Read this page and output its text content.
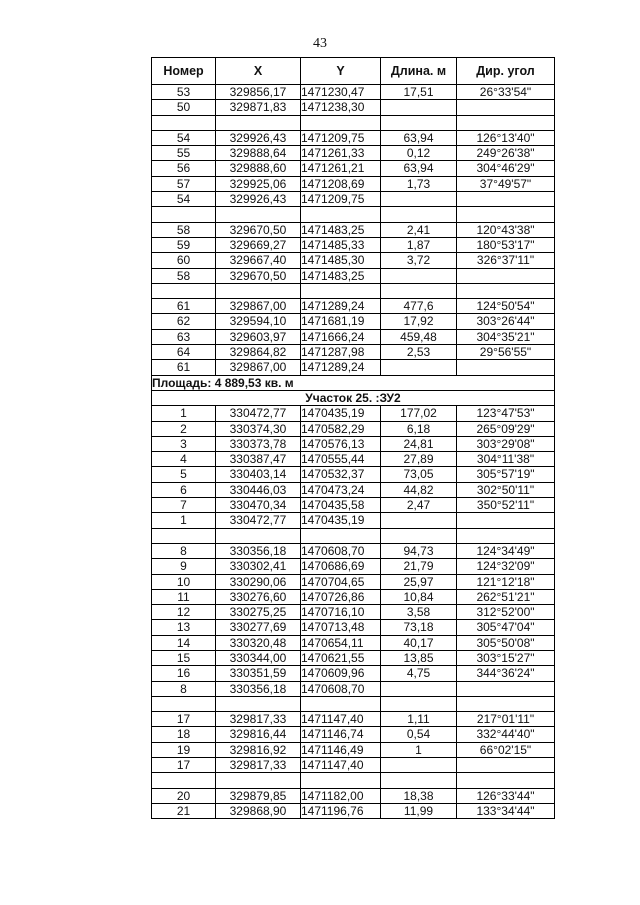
43
Номер	X	Y	Длина. м	Дир. угол
53	329856,17	1471230,47	17,51	26°33'54"
50	329871,83	1471238,30		

54	329926,43	1471209,75	63,94	126°13'40"
55	329888,64	1471261,33	0,12	249°26'38"
56	329888,60	1471261,21	63,94	304°46'29"
57	329925,06	1471208,69	1,73	37°49'57"
54	329926,43	1471209,75		

58	329670,50	1471483,25	2,41	120°43'38"
59	329669,27	1471485,33	1,87	180°53'17"
60	329667,40	1471485,30	3,72	326°37'11"
58	329670,50	1471483,25		

61	329867,00	1471289,24	477,6	124°50'54"
62	329594,10	1471681,19	17,92	303°26'44"
63	329603,97	1471666,24	459,48	304°35'21"
64	329864,82	1471287,98	2,53	29°56'55"
61	329867,00	1471289,24		
Площадь: 4 889,53 кв. м				
Участок 25. :ЗУ2				
1	330472,77	1470435,19	177,02	123°47'53"
2	330374,30	1470582,29	6,18	265°09'29"
3	330373,78	1470576,13	24,81	303°29'08"
4	330387,47	1470555,44	27,89	304°11'38"
5	330403,14	1470532,37	73,05	305°57'19"
6	330446,03	1470473,24	44,82	302°50'11"
7	330470,34	1470435,58	2,47	350°52'11"
1	330472,77	1470435,19		

8	330356,18	1470608,70	94,73	124°34'49"
9	330302,41	1470686,69	21,79	124°32'09"
10	330290,06	1470704,65	25,97	121°12'18"
11	330276,60	1470726,86	10,84	262°51'21"
12	330275,25	1470716,10	3,58	312°52'00"
13	330277,69	1470713,48	73,18	305°47'04"
14	330320,48	1470654,11	40,17	305°50'08"
15	330344,00	1470621,55	13,85	303°15'27"
16	330351,59	1470609,96	4,75	344°36'24"
8	330356,18	1470608,70		

17	329817,33	1471147,40	1,11	217°01'11"
18	329816,44	1471146,74	0,54	332°44'40"
19	329816,92	1471146,49	1	66°02'15"
17	329817,33	1471147,40		

20	329879,85	1471182,00	18,38	126°33'44"
21	329868,90	1471196,76	11,99	133°34'44"
